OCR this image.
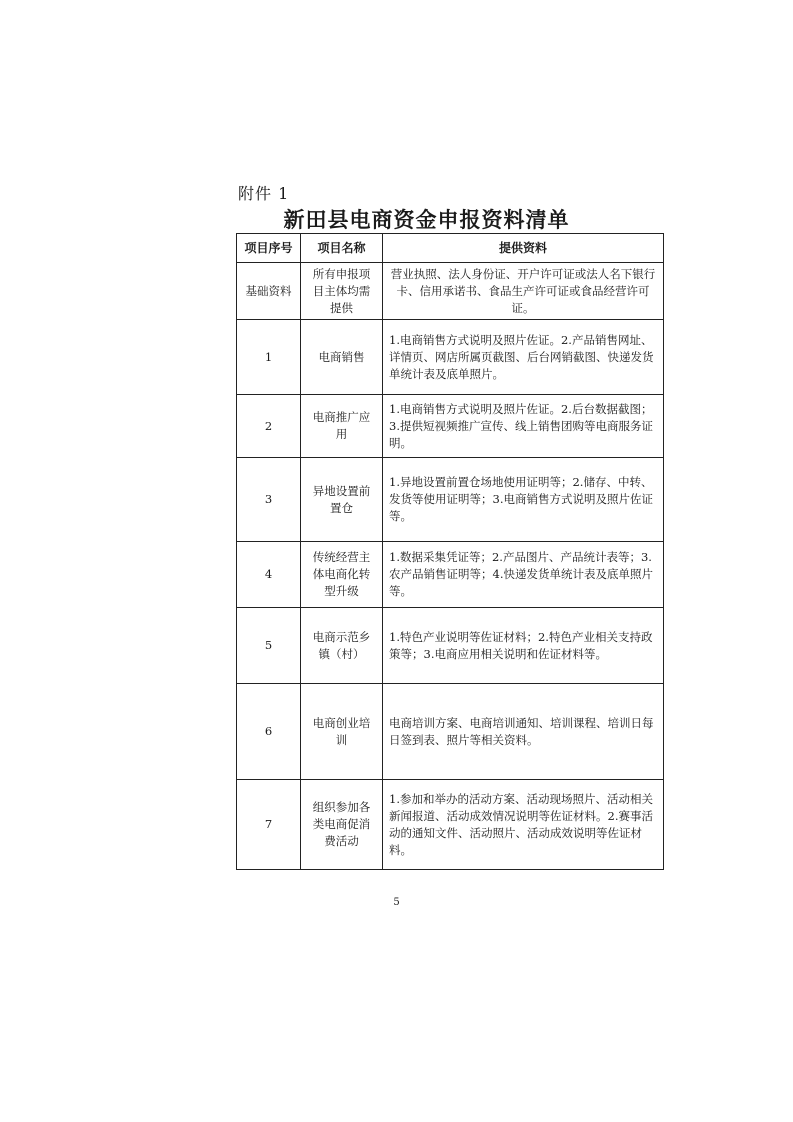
附件 1
新田县电商资金申报资料清单
项目序号	项目名称	提供资料
基础资料	所有申报项目主体均需提供	营业执照、法人身份证、开户许可证或法人名下银行卡、信用承诺书、食品生产许可证或食品经营许可证。
1	电商销售	1.电商销售方式说明及照片佐证。2.产品销售网址、详情页、网店所属页截图、后台网销截图、快递发货单统计表及底单照片。
2	电商推广应用	1.电商销售方式说明及照片佐证。2.后台数据截图；3.提供短视频推广宣传、线上销售团购等电商服务证明。
3	异地设置前置仓	1.异地设置前置仓场地使用证明等；2.储存、中转、发货等使用证明等；3.电商销售方式说明及照片佐证等。
4	传统经营主体电商化转型升级	1.数据采集凭证等；2.产品图片、产品统计表等；3.农产品销售证明等；4.快递发货单统计表及底单照片等。
5	电商示范乡镇（村）	1.特色产业说明等佐证材料；2.特色产业相关支持政策等；3.电商应用相关说明和佐证材料等。
6	电商创业培训	电商培训方案、电商培训通知、培训课程、培训日每日签到表、照片等相关资料。
7	组织参加各类电商促消费活动	1.参加和举办的活动方案、活动现场照片、活动相关新闻报道、活动成效情况说明等佐证材料。2.赛事活动的通知文件、活动照片、活动成效说明等佐证材料。
5
